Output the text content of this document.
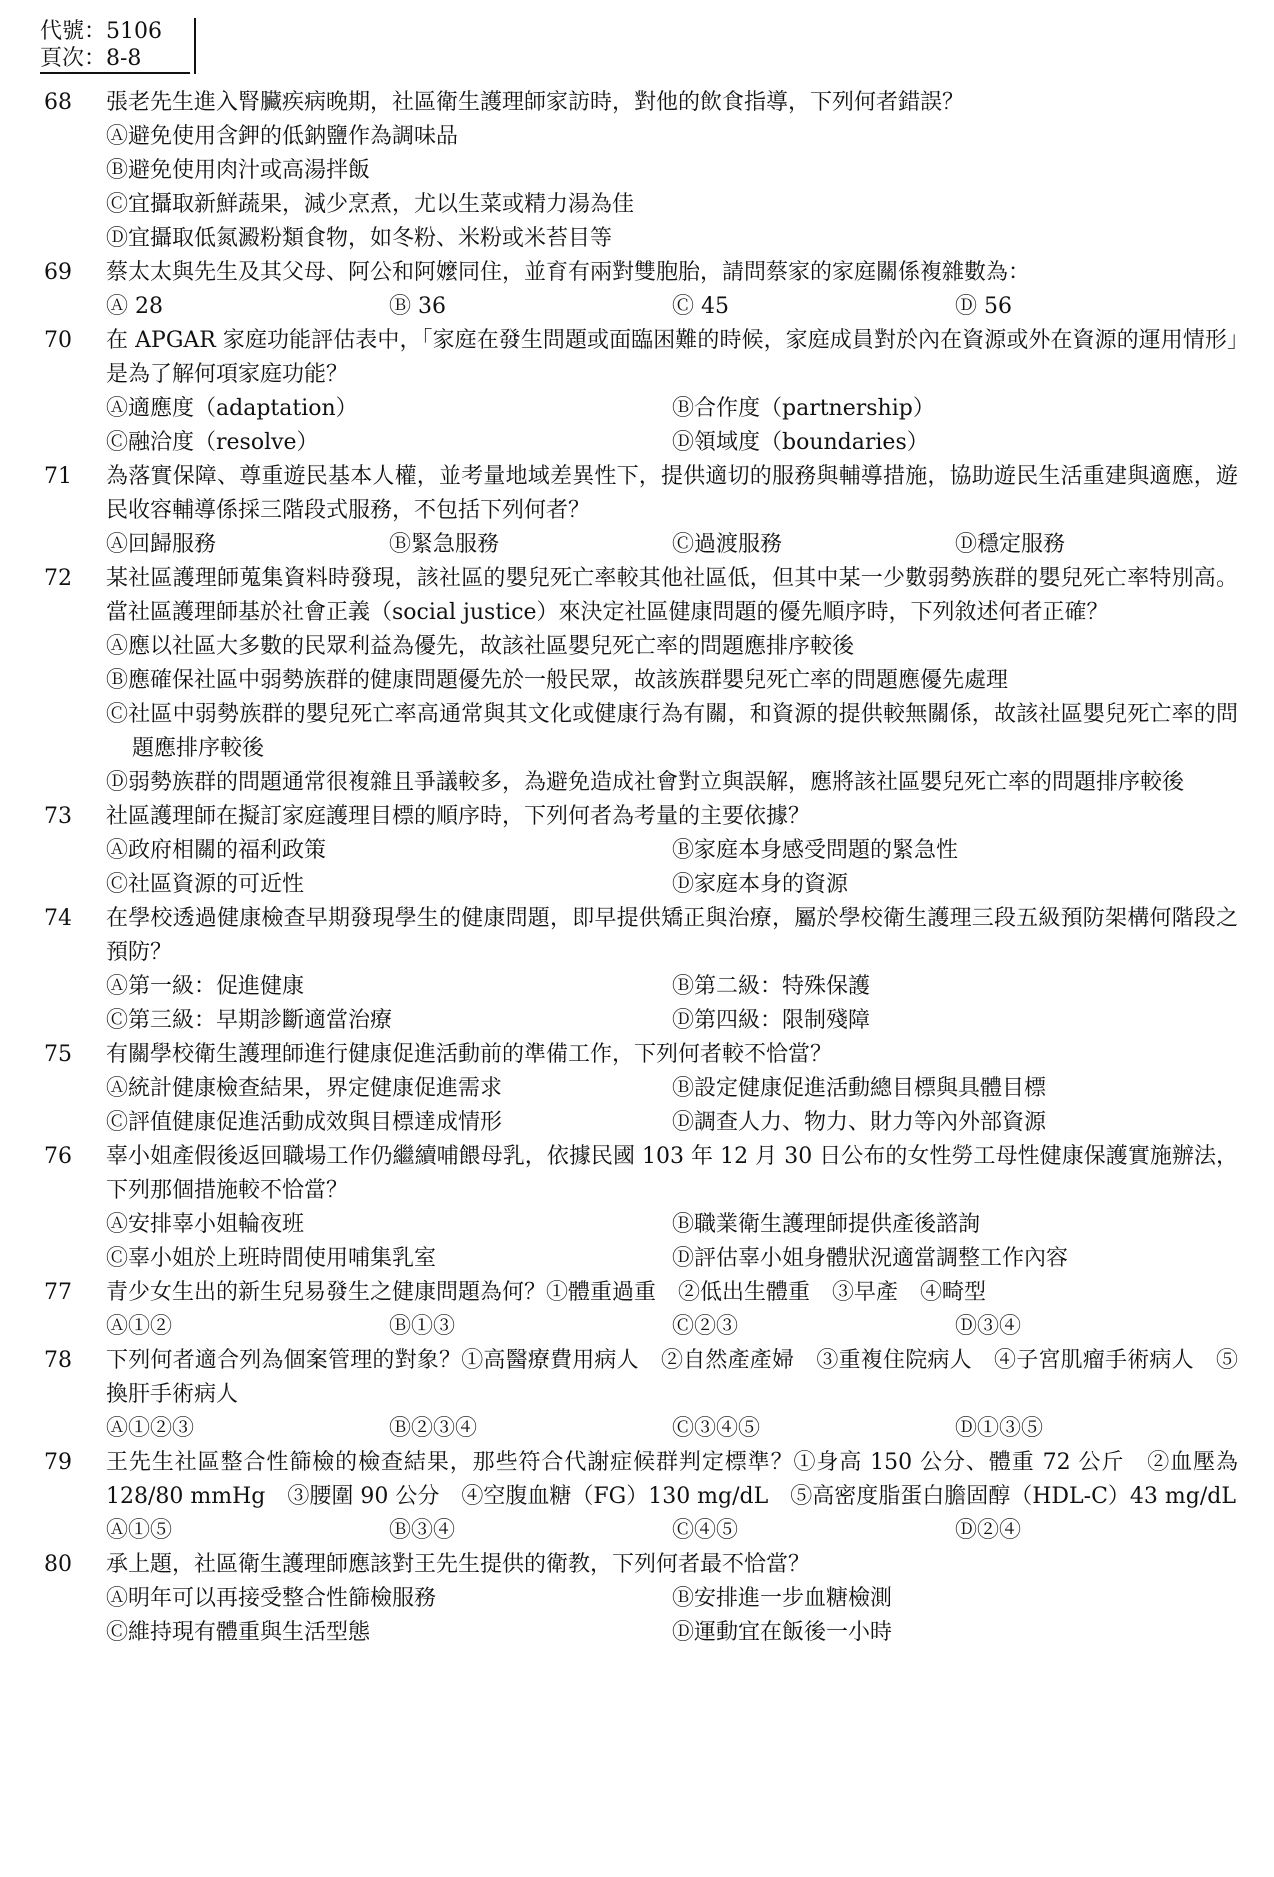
代號：5106
頁次：8-8
68	張老先生進入腎臟疾病晚期，社區衛生護理師家訪時，對他的飲食指導，下列何者錯誤？
Ⓐ避免使用含鉀的低鈉鹽作為調味品
Ⓑ避免使用肉汁或高湯拌飯
Ⓒ宜攝取新鮮蔬果，減少烹煮，尤以生菜或精力湯為佳
Ⓓ宜攝取低氮澱粉類食物，如冬粉、米粉或米苔目等
69	蔡太太與先生及其父母、阿公和阿嬤同住，並育有兩對雙胞胎，請問蔡家的家庭關係複雜數為：
Ⓐ 28	Ⓑ 36	Ⓒ 45	Ⓓ 56
70	在 APGAR 家庭功能評估表中，「家庭在發生問題或面臨困難的時候，家庭成員對於內在資源或外在資源的運用情形」是為了解何項家庭功能？
Ⓐ適應度（adaptation）	Ⓑ合作度（partnership）
Ⓒ融洽度（resolve）	Ⓓ領域度（boundaries）
71	為落實保障、尊重遊民基本人權，並考量地域差異性下，提供適切的服務與輔導措施，協助遊民生活重建與適應，遊民收容輔導係採三階段式服務，不包括下列何者？
Ⓐ回歸服務	Ⓑ緊急服務	Ⓒ過渡服務	Ⓓ穩定服務
72	某社區護理師蒐集資料時發現，該社區的嬰兒死亡率較其他社區低，但其中某一少數弱勢族群的嬰兒死亡率特別高。當社區護理師基於社會正義（social justice）來決定社區健康問題的優先順序時，下列敘述何者正確？
Ⓐ應以社區大多數的民眾利益為優先，故該社區嬰兒死亡率的問題應排序較後
Ⓑ應確保社區中弱勢族群的健康問題優先於一般民眾，故該族群嬰兒死亡率的問題應優先處理
Ⓒ社區中弱勢族群的嬰兒死亡率高通常與其文化或健康行為有關，和資源的提供較無關係，故該社區嬰兒死亡率的問題應排序較後
Ⓓ弱勢族群的問題通常很複雜且爭議較多，為避免造成社會對立與誤解，應將該社區嬰兒死亡率的問題排序較後
73	社區護理師在擬訂家庭護理目標的順序時，下列何者為考量的主要依據？
Ⓐ政府相關的福利政策	Ⓑ家庭本身感受問題的緊急性
Ⓒ社區資源的可近性	Ⓓ家庭本身的資源
74	在學校透過健康檢查早期發現學生的健康問題，即早提供矯正與治療，屬於學校衛生護理三段五級預防架構何階段之預防？
Ⓐ第一級：促進健康	Ⓑ第二級：特殊保護
Ⓒ第三級：早期診斷適當治療	Ⓓ第四級：限制殘障
75	有關學校衛生護理師進行健康促進活動前的準備工作，下列何者較不恰當？
Ⓐ統計健康檢查結果，界定健康促進需求	Ⓑ設定健康促進活動總目標與具體目標
Ⓒ評值健康促進活動成效與目標達成情形	Ⓓ調查人力、物力、財力等內外部資源
76	辜小姐產假後返回職場工作仍繼續哺餵母乳，依據民國 103 年 12 月 30 日公布的女性勞工母性健康保護實施辦法，下列那個措施較不恰當？
Ⓐ安排辜小姐輪夜班	Ⓑ職業衛生護理師提供產後諮詢
Ⓒ辜小姐於上班時間使用哺集乳室	Ⓓ評估辜小姐身體狀況適當調整工作內容
77	青少女生出的新生兒易發生之健康問題為何？①體重過重　②低出生體重　③早產　④畸型
Ⓐ①②	Ⓑ①③	Ⓒ②③	Ⓓ③④
78	下列何者適合列為個案管理的對象？①高醫療費用病人　②自然產產婦　③重複住院病人　④子宮肌瘤手術病人　⑤換肝手術病人
Ⓐ①②③	Ⓑ②③④	Ⓒ③④⑤	Ⓓ①③⑤
79	王先生社區整合性篩檢的檢查結果，那些符合代謝症候群判定標準？①身高 150 公分、體重 72 公斤　②血壓為 128/80 mmHg　③腰圍 90 公分　④空腹血糖（FG）130 mg/dL　⑤高密度脂蛋白膽固醇（HDL-C）43 mg/dL
Ⓐ①⑤	Ⓑ③④	Ⓒ④⑤	Ⓓ②④
80	承上題，社區衛生護理師應該對王先生提供的衛教，下列何者最不恰當？
Ⓐ明年可以再接受整合性篩檢服務	Ⓑ安排進一步血糖檢測
Ⓒ維持現有體重與生活型態	Ⓓ運動宜在飯後一小時
